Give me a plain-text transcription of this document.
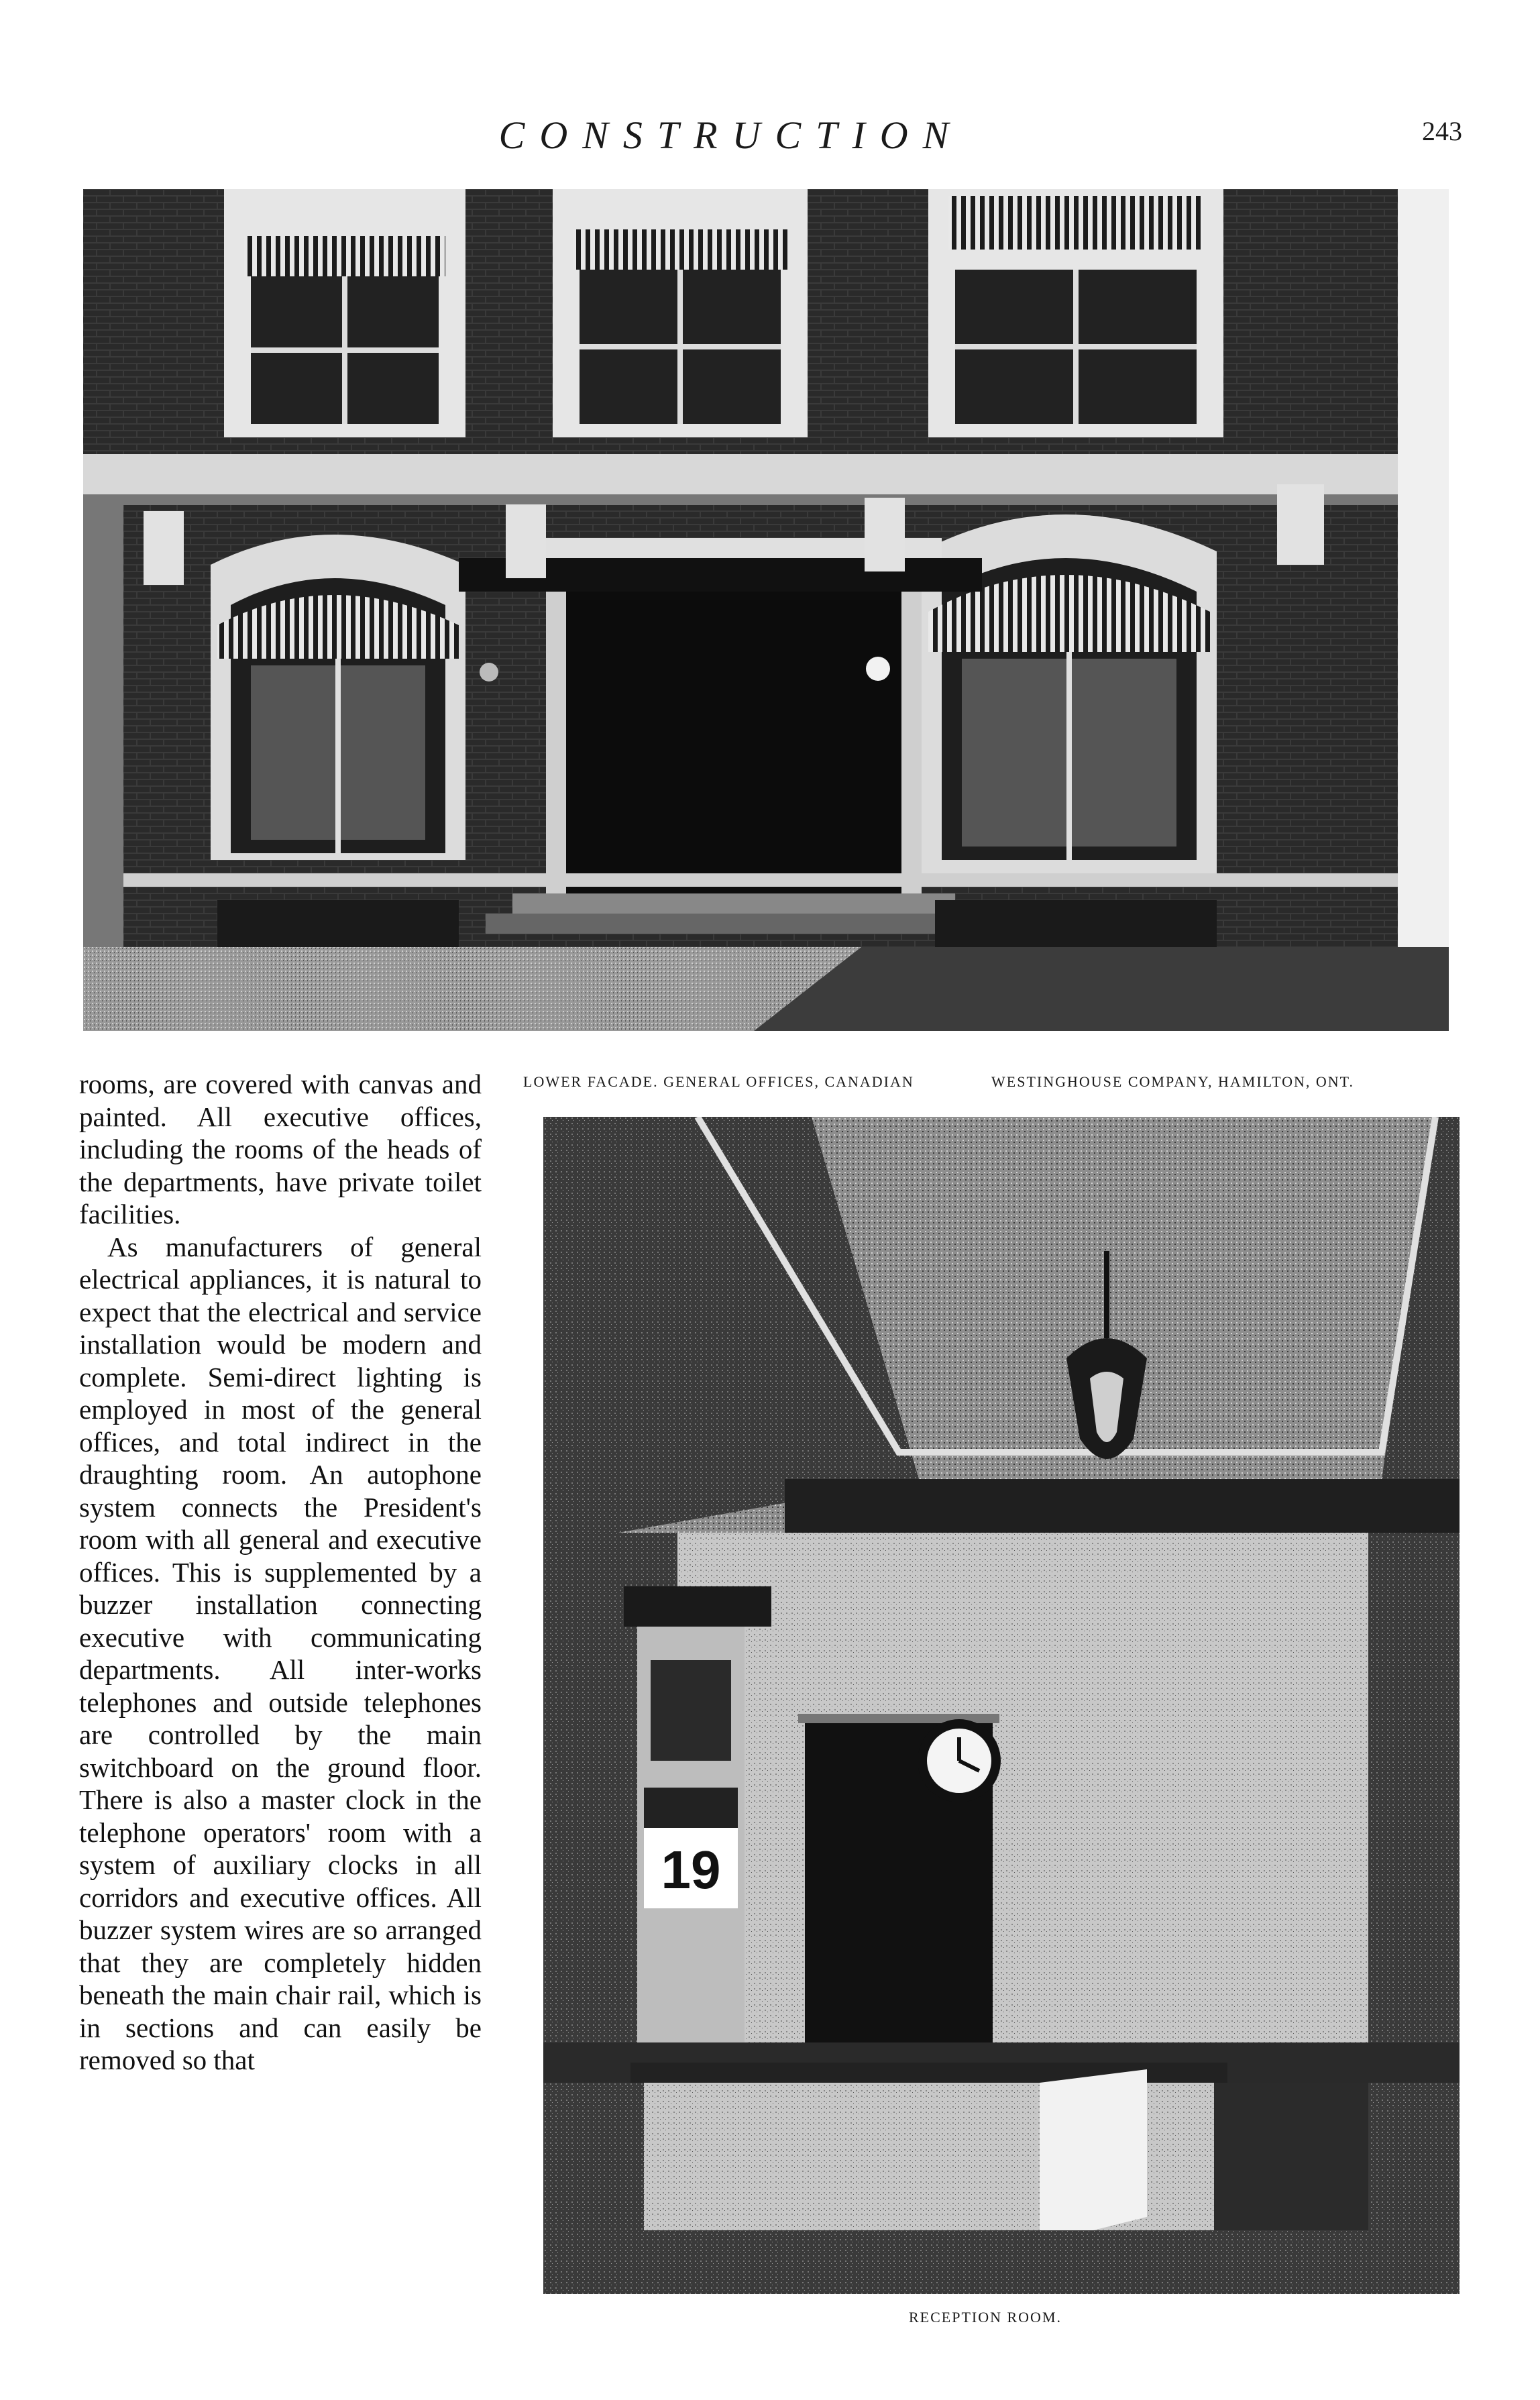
CONSTRUCTION	243
LOWER FACADE. GENERAL OFFICES, CANADIAN	WESTINGHOUSE COMPANY, HAMILTON, ONT.

rooms, are covered with canvas and painted. All executive offices, including the rooms of the heads of the departments, have private toilet facilities.

As manufacturers of general electrical appliances, it is natural to expect that the electrical and service installation would be modern and complete. Semi-direct lighting is employed in most of the general offices, and total indirect in the draughting room. An autophone system connects the President's room with all general and executive offices. This is supplemented by a buzzer installation connecting executive with communicating departments. All inter-works telephones and outside telephones are controlled by the main switchboard on the ground floor. There is also a master clock in the telephone operators' room with a system of auxiliary clocks in all corridors and executive offices. All buzzer system wires are so arranged that they are completely hidden beneath the main chair rail, which is in sections and can easily be removed so that

19
RECEPTION ROOM.
